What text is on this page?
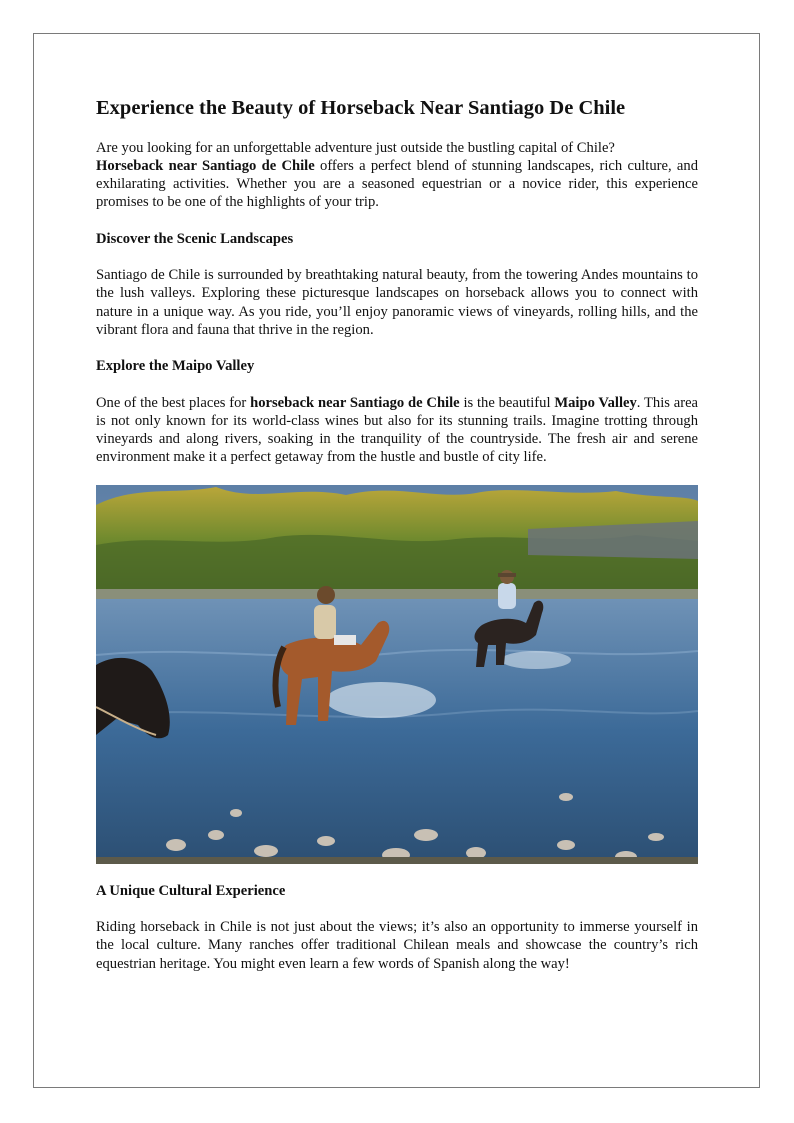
Experience the Beauty of Horseback Near Santiago De Chile

Are you looking for an unforgettable adventure just outside the bustling capital of Chile?
Horseback near Santiago de Chile offers a perfect blend of stunning landscapes, rich culture, and exhilarating activities. Whether you are a seasoned equestrian or a novice rider, this experience promises to be one of the highlights of your trip.

Discover the Scenic Landscapes

Santiago de Chile is surrounded by breathtaking natural beauty, from the towering Andes mountains to the lush valleys. Exploring these picturesque landscapes on horseback allows you to connect with nature in a unique way. As you ride, you’ll enjoy panoramic views of vineyards, rolling hills, and the vibrant flora and fauna that thrive in the region.

Explore the Maipo Valley

One of the best places for horseback near Santiago de Chile is the beautiful Maipo Valley. This area is not only known for its world-class wines but also for its stunning trails. Imagine trotting through vineyards and along rivers, soaking in the tranquility of the countryside. The fresh air and serene environment make it a perfect getaway from the hustle and bustle of city life.

A Unique Cultural Experience

Riding horseback in Chile is not just about the views; it’s also an opportunity to immerse yourself in the local culture. Many ranches offer traditional Chilean meals and showcase the country’s rich equestrian heritage. You might even learn a few words of Spanish along the way!
